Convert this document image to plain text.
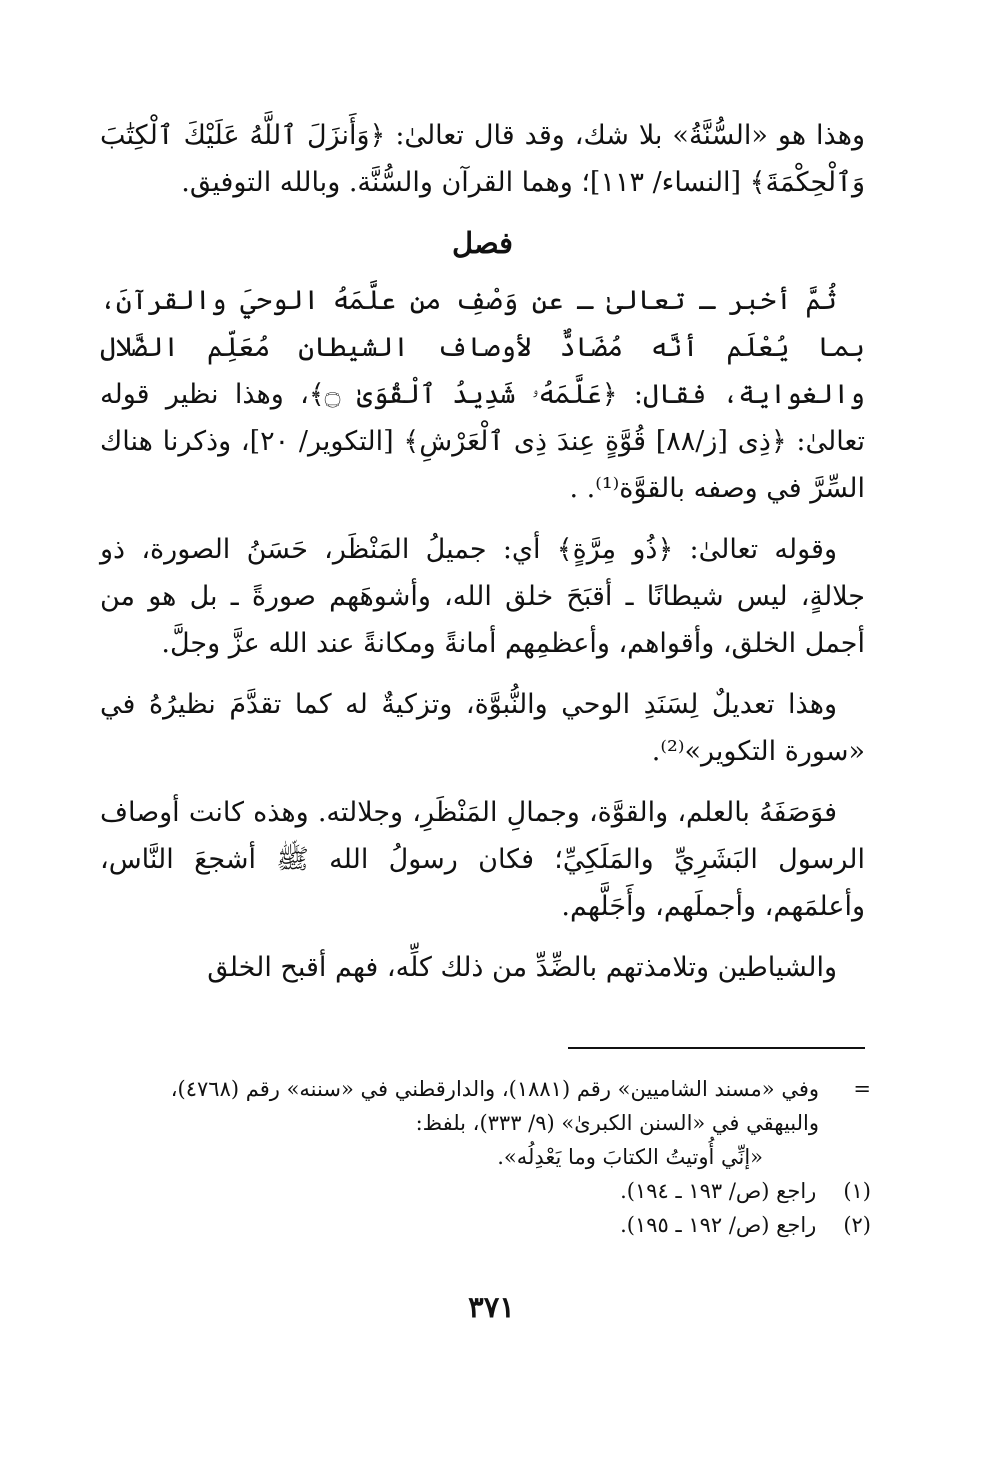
وهذا هو «السُّنَّةُ» بلا شك، وقد قال تعالىٰ: ﴿وَأَنزَلَ ٱللَّهُ عَلَيْكَ ٱلْكِتَٰبَ وَٱلْحِكْمَةَ﴾ [النساء/ ١١٣]؛ وهما القرآن والسُّنَّة. وبالله التوفيق.

فصل

ثُمَّ أخبر ـ تعالىٰ ـ عن وَصْفِ من علَّمَهُ الوحيَ والقرآنَ، بما يُعْلَم أنَّه مُضَادٌّ لأوصاف الشيطان مُعَلِّم الضَّلال والغواية، فقال: ﴿عَلَّمَهُۥ شَدِيدُ ٱلْقُوَىٰ ۝﴾، وهذا نظير قوله تعالىٰ: ﴿ذِى [ز/٨٨] قُوَّةٍ عِندَ ذِى ٱلْعَرْشِ﴾ [التكوير/ ٢٠]، وذكرنا هناك السِّرَّ في وصفه بالقوَّة⁽¹⁾. .

وقوله تعالىٰ: ﴿ذُو مِرَّةٍ﴾ أي: جميلُ المَنْظَر، حَسَنُ الصورة، ذو جلالةٍ، ليس شيطانًا ـ أقبَحَ خلق الله، وأشوهَهم صورةً ـ بل هو من أجمل الخلق، وأقواهم، وأعظمِهم أمانةً ومكانةً عند الله عزَّ وجلَّ.

وهذا تعديلٌ لِسَنَدِ الوحي والنُّبوَّة، وتزكيةٌ له كما تقدَّمَ نظيرُهُ في «سورة التكوير»⁽²⁾.

فوَصَفَهُ بالعلم، والقوَّة، وجمالِ المَنْظَرِ، وجلالته. وهذه كانت أوصاف الرسول البَشَرِيِّ والمَلَكِيِّ؛ فكان رسولُ الله ﷺ أشجعَ النَّاس، وأعلمَهم، وأجملَهم، وأَجَلَّهم.

والشياطين وتلامذتهم بالضِّدِّ من ذلك كلِّه، فهم أقبح الخلق

=
وفي «مسند الشاميين» رقم (١٨٨١)، والدارقطني في «سننه» رقم (٤٧٦٨)، والبيهقي في «السنن الكبرىٰ» (٩/ ٣٣٣)، بلفظ:

«إنِّي أُوتيتُ الكتابَ وما يَعْدِلُه».

(١) راجع (ص/ ١٩٣ ـ ١٩٤).

(٢) راجع (ص/ ١٩٢ ـ ١٩٥).

٣٧١
